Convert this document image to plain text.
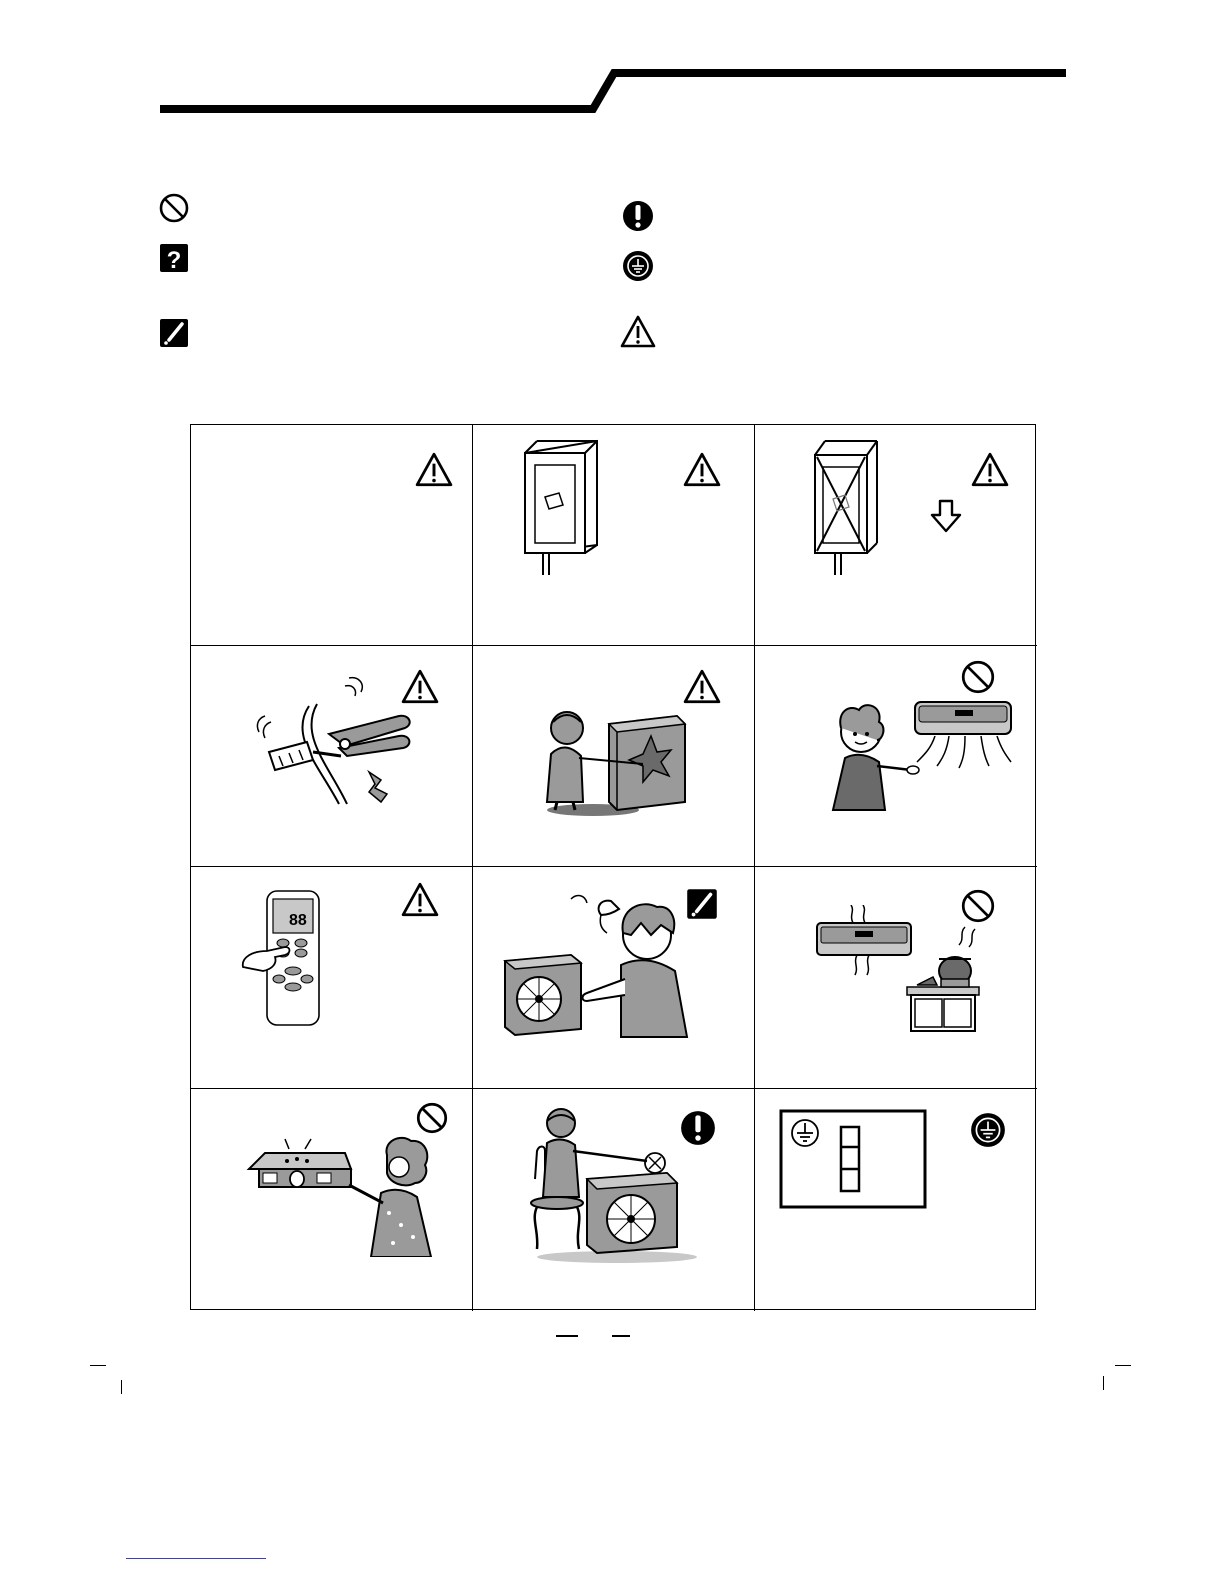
?
88
